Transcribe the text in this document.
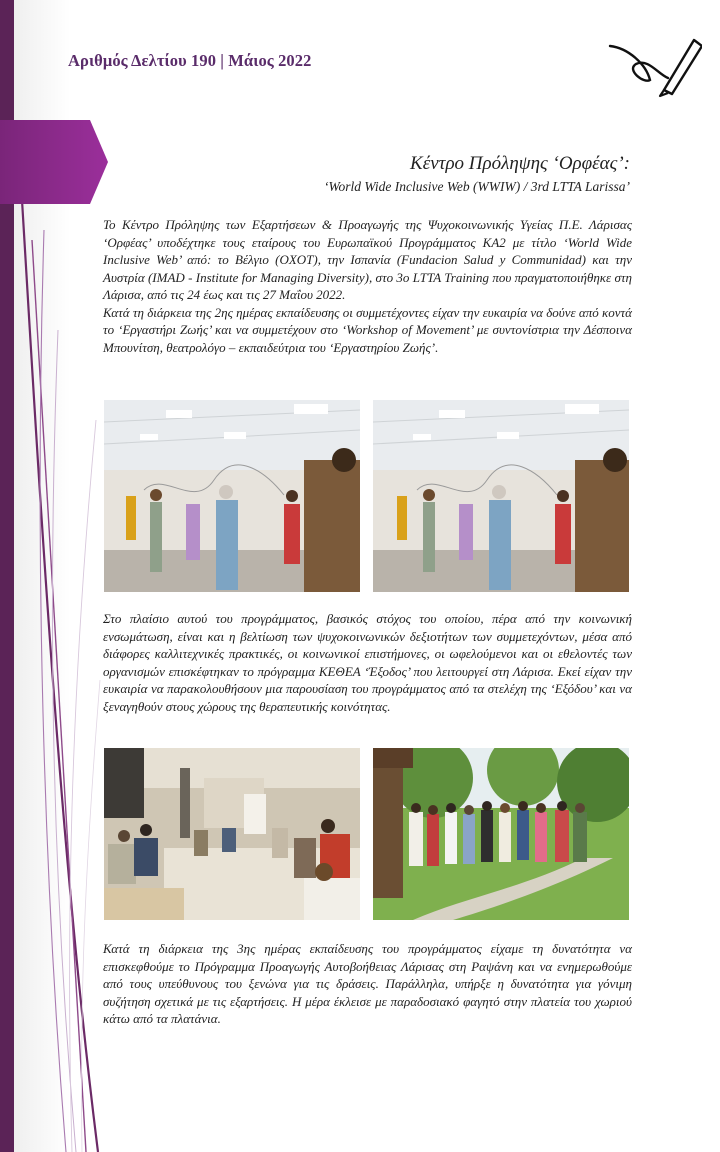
Αριθμός Δελτίου 190 | Μάιος 2022
Κέντρο Πρόληψης ‘Ορφέας’:
‘World Wide Inclusive Web (WWIW) / 3rd LTTA Larissa’
Το Κέντρο Πρόληψης των Εξαρτήσεων & Προαγωγής της Ψυχοκοινωνικής Υγείας Π.Ε. Λάρισας ‘Ορφέας’ υποδέχτηκε τους εταίρους του Ευρωπαϊκού Προγράμματος KA2 με τίτλο ‘World Wide Inclusive Web’ από: το Βέλγιο (ΟΧΟΤ), την Ισπανία (Fundacion Salud y Communidad) και την Αυστρία (IMAD - Institute for Managing Diversity), στο 3o LTTA Training που πραγματοποιήθηκε στη Λάρισα, από τις 24 έως και τις 27 Μαΐου 2022.
Κατά τη διάρκεια της 2ης ημέρας εκπαίδευσης οι συμμετέχοντες είχαν την ευκαιρία να δούνε από κοντά το ‘Εργαστήρι Ζωής’ και να συμμετέχουν στο ‘Workshop of Movement’ με συντονίστρια την Δέσποινα Μπουνίτση, θεατρολόγο – εκπαιδεύτρια του ‘Εργαστηρίου Ζωής’.
Στο πλαίσιο αυτού του προγράμματος, βασικός στόχος του οποίου, πέρα από την κοινωνική ενσωμάτωση, είναι και η βελτίωση των ψυχοκοινωνικών δεξιοτήτων των συμμετεχόντων, μέσα από διάφορες καλλιτεχνικές πρακτικές, οι κοινωνικοί επιστήμονες, οι ωφελούμενοι και οι εθελοντές των οργανισμών επισκέφτηκαν το πρόγραμμα ΚΕΘΕΑ ‘Έξοδος’ που λειτουργεί στη Λάρισα. Εκεί είχαν την ευκαιρία να παρακολουθήσουν μια παρουσίαση του προγράμματος από τα στελέχη της ‘Εξόδου’ και να ξεναγηθούν στους χώρους της θεραπευτικής κοινότητας.
Κατά τη διάρκεια της 3ης ημέρας εκπαίδευσης του προγράμματος είχαμε τη δυνατότητα να επισκεφθούμε το Πρόγραμμα Προαγωγής Αυτοβοήθειας Λάρισας στη Ραψάνη και να ενημερωθούμε από τους υπεύθυνους του ξενώνα για τις δράσεις. Παράλληλα, υπήρξε η δυνατότητα για γόνιμη συζήτηση σχετικά με τις εξαρτήσεις. Η μέρα έκλεισε με παραδοσιακό φαγητό στην πλατεία του χωριού κάτω από τα πλατάνια.
